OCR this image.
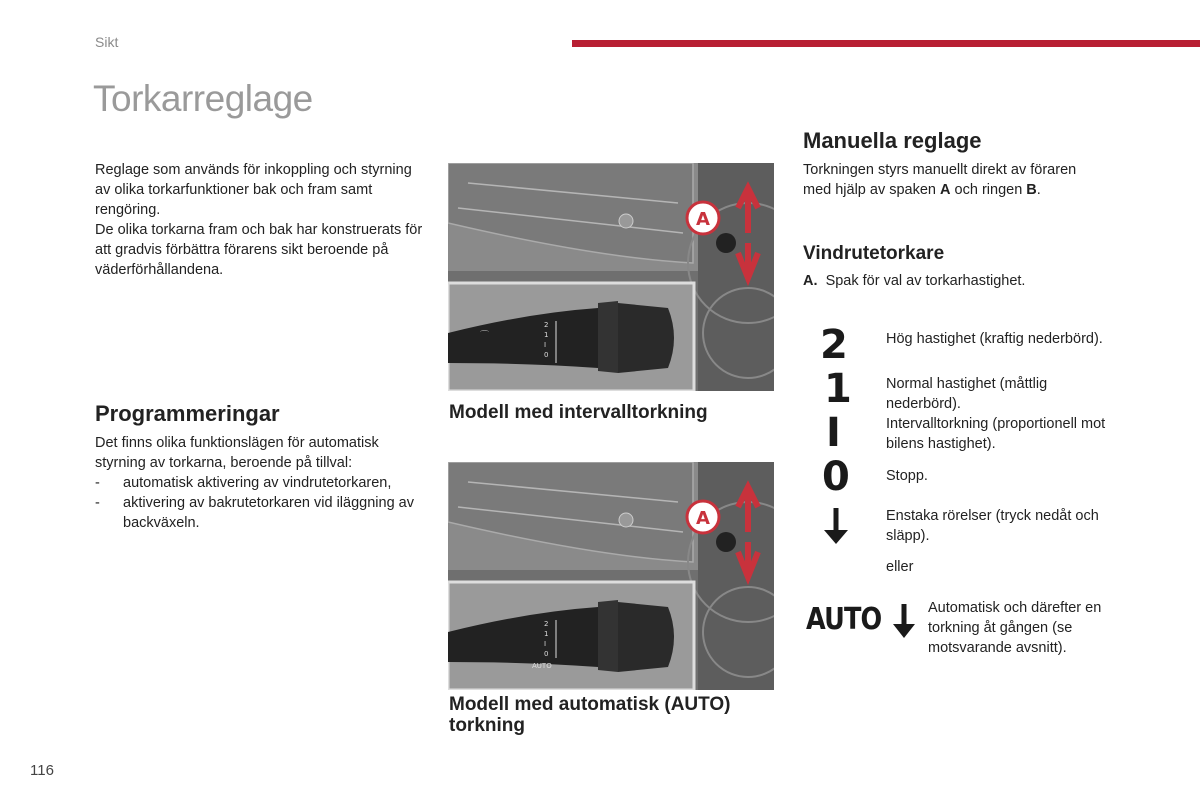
Sikt
Torkarreglage
Reglage som används för inkoppling och styrning av olika torkarfunktioner bak och fram samt rengöring.
De olika torkarna fram och bak har konstruerats för att gradvis förbättra förarens sikt beroende på väderförhållandena.
Programmeringar
Det finns olika funktionslägen för automatisk styrning av torkarna, beroende på tillval:
- automatisk aktivering av vindrutetorkaren,
- aktivering av bakrutetorkaren vid iläggning av backväxeln.
⌒
2
1
I
0
A
Modell med intervalltorkning
2
1
I
0
AUTO
A
Modell med automatisk (AUTO) torkning
Manuella reglage
Torkningen styrs manuellt direkt av föraren med hjälp av spaken A och ringen B.
Vindrutetorkare
A. Spak för val av torkarhastighet.
2	Hög hastighet (kraftig nederbörd).
1 Normal hastighet (måttlig nederbörd).
I	Intervalltorkning (proportionell mot bilens hastighet).
0 Stopp.
Enstaka rörelser (tryck nedåt och släpp).
eller
AUTO	Automatisk och därefter en torkning åt gången (se motsvarande avsnitt).
116
